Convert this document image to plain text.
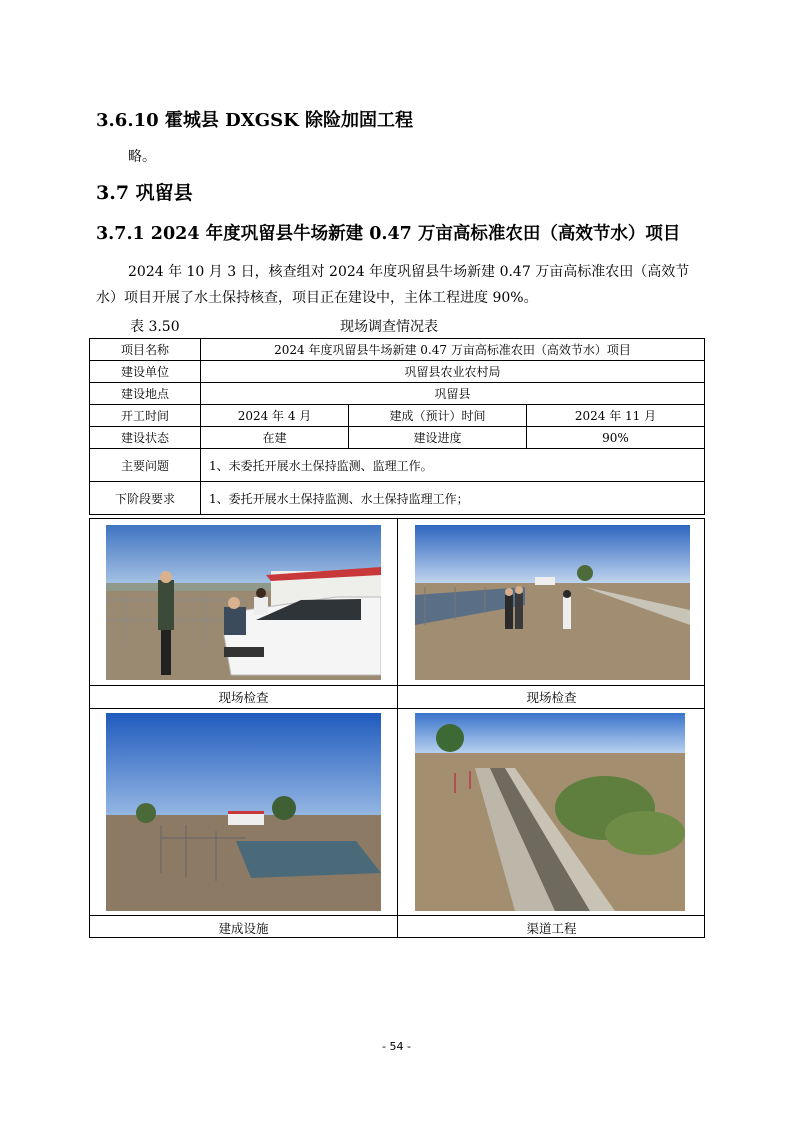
3.6.10 霍城县 DXGSK 除险加固工程
略。
3.7 巩留县
3.7.1 2024 年度巩留县牛场新建 0.47 万亩高标准农田（高效节水）项目

2024 年 10 月 3 日，核查组对 2024 年度巩留县牛场新建 0.47 万亩高标准农田（高效节水）项目开展了水土保持核查，项目正在建设中，主体工程进度 90%。

表 3.50	现场调查情况表
项目名称	2024 年度巩留县牛场新建 0.47 万亩高标准农田（高效节水）项目		
建设单位	巩留县农业农村局		
建设地点	巩留县		
开工时间	2024 年 4 月	建成（预计）时间	2024 年 11 月
建设状态	在建	建设进度	90%
主要问题	1、未委托开展水土保持监测、监理工作。		
下阶段要求	1、委托开展水土保持监测、水土保持监理工作；		
现场检查	现场检查
建成设施	渠道工程
- 54 -
